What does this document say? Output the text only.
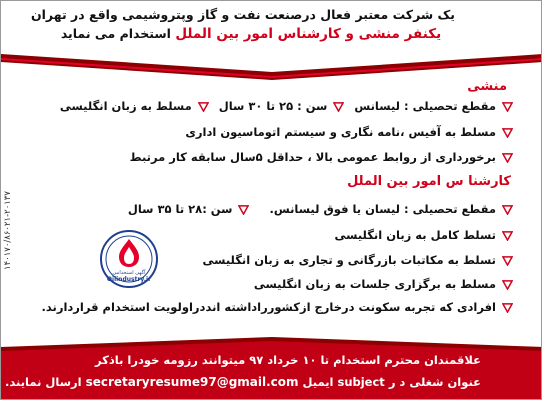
یک شرکت معتبر فعال درصنعت نفت و گاز وپتروشیمی واقع در تهران
یکنفر منشی و کارشناس امور بین الملل استخدام می نماید
۱۴۰۱۷۰/۸۶۰۲۱-۲۰۱۳۷
منشی
مقطع تحصیلی : لیسانس
سن : ۲۵ تا ۳۰ سال
مسلط به زبان انگلیسی
مسلط به آفیس ،نامه نگاری و سیستم اتوماسیون اداری
برخورداری از روابط عمومی بالا ، حداقل ۵سال سابقه کار مرتبط
کارشنا س امور بین الملل
مقطع تحصیلی : لیسان یا فوق لیسانس.
سن :۲۸ تا ۳۵ سال
تسلط کامل به زبان انگلیسی
تسلط به مکاتبات بازرگانی و تجاری به زبان انگلیسی
مسلط به برگزاری جلسات به زبان انگلیسی
افرادی که تجربه سکونت درخارج ازکشورراداشته انددراولویت استخدام قراردارند.
آگهی استخدامی
Oilindustry.ir
علاقمندان محترم استخدام تا ۱۰ خرداد ۹۷ میتوانند رزومه خودرا باذکر
عنوان شغلی د ر subject ایمیل secretaryresume97@gmail.com ارسال نمایند.
